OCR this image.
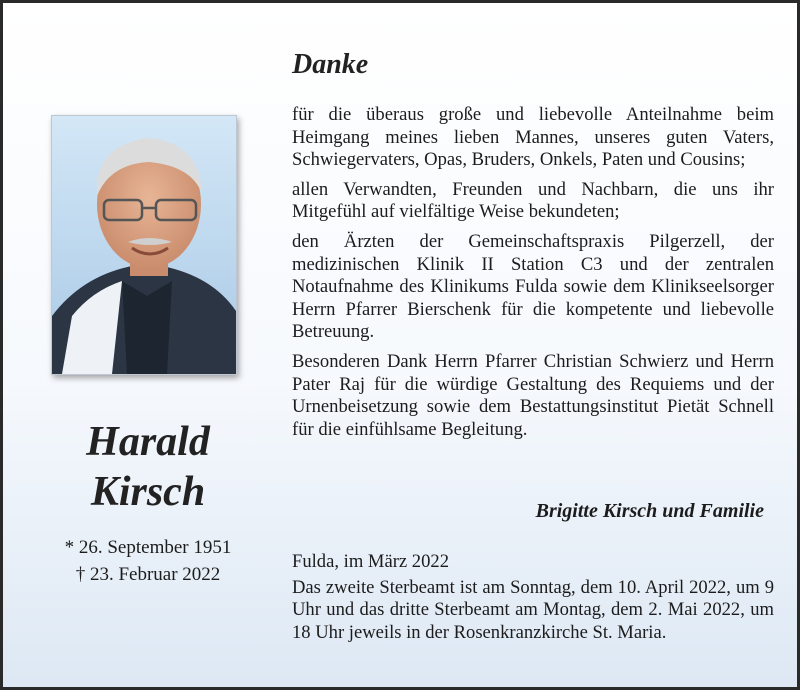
Harald
Kirsch
* 26. September 1951
† 23. Februar 2022
Danke

für die überaus große und liebevolle Anteilnahme beim Heimgang meines lieben Mannes, unseres guten Vaters, Schwiegervaters, Opas, Bruders, Onkels, Paten und Cousins;

allen Verwandten, Freunden und Nachbarn, die uns ihr Mitgefühl auf vielfältige Weise bekundeten;

den Ärzten der Gemeinschaftspraxis Pilgerzell, der medizinischen Klinik II Station C3 und der zentralen Notaufnahme des Klinikums Fulda sowie dem Klinikseelsorger Herrn Pfarrer Bierschenk für die kompetente und liebevolle Betreuung.

Besonderen Dank Herrn Pfarrer Christian Schwierz und Herrn Pater Raj für die würdige Gestaltung des Requiems und der Urnenbeisetzung sowie dem Bestattungsinstitut Pietät Schnell für die einfühlsame Begleitung.

Brigitte Kirsch und Familie

Fulda, im März 2022

Das zweite Sterbeamt ist am Sonntag, dem 10. April 2022, um 9 Uhr und das dritte Sterbeamt am Montag, dem 2. Mai 2022, um 18 Uhr jeweils in der Rosenkranzkirche St. Maria.
